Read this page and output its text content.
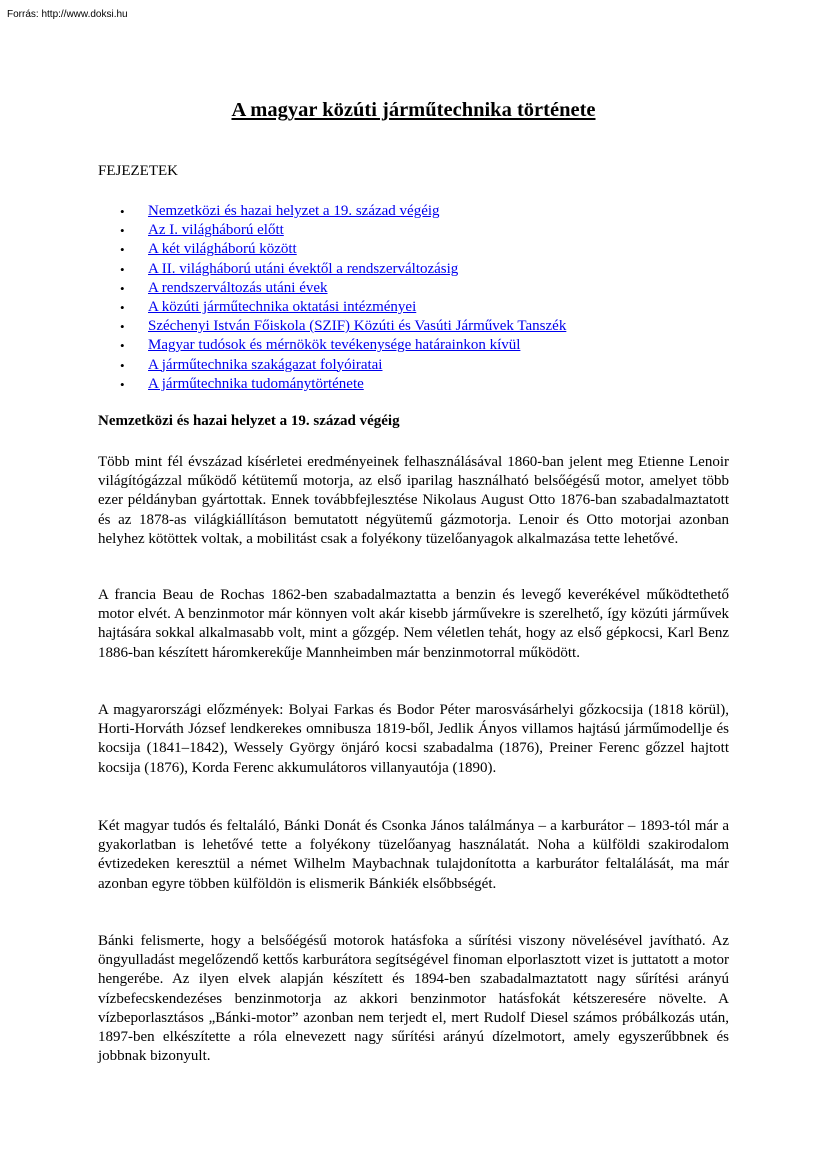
Forrás: http://www.doksi.hu
A magyar közúti járműtechnika története
FEJEZETEK
• Nemzetközi és hazai helyzet a 19. század végéig
• Az I. világháború előtt
• A két világháború között
• A II. világháború utáni évektől a rendszerváltozásig
• A rendszerváltozás utáni évek
• A közúti járműtechnika oktatási intézményei
• Széchenyi István Főiskola (SZIF) Közúti és Vasúti Járművek Tanszék
• Magyar tudósok és mérnökök tevékenysége határainkon kívül
• A járműtechnika szakágazat folyóiratai
• A járműtechnika tudománytörténete
Nemzetközi és hazai helyzet a 19. század végéig

Több mint fél évszázad kísérletei eredményeinek felhasználásával 1860-ban jelent meg Etienne Lenoir világítógázzal működő kétütemű motorja, az első iparilag használható belsőégésű motor, amelyet több ezer példányban gyártottak. Ennek továbbfejlesztése Nikolaus August Otto 1876-ban szabadalmaztatott és az 1878-as világkiállításon bemutatott négyütemű gázmotorja. Lenoir és Otto motorjai azonban helyhez kötöttek voltak, a mobilitást csak a folyékony tüzelőanyagok alkalmazása tette lehetővé.

A francia Beau de Rochas 1862-ben szabadalmaztatta a benzin és levegő keverékével működtethető motor elvét. A benzinmotor már könnyen volt akár kisebb járművekre is szerelhető, így közúti járművek hajtására sokkal alkalmasabb volt, mint a gőzgép. Nem véletlen tehát, hogy az első gépkocsi, Karl Benz 1886-ban készített háromkerekűje Mannheimben már benzinmotorral működött.

A magyarországi előzmények: Bolyai Farkas és Bodor Péter marosvásárhelyi gőzkocsija (1818 körül), Horti-Horváth József lendkerekes omnibusza 1819-ből, Jedlik Ányos villamos hajtású járműmodellje és kocsija (1841–1842), Wessely György önjáró kocsi szabadalma (1876), Preiner Ferenc gőzzel hajtott kocsija (1876), Korda Ferenc akkumulátoros villanyautója (1890).

Két magyar tudós és feltaláló, Bánki Donát és Csonka János találmánya – a karburátor – 1893-tól már a gyakorlatban is lehetővé tette a folyékony tüzelőanyag használatát. Noha a külföldi szakirodalom évtizedeken keresztül a német Wilhelm Maybachnak tulajdonította a karburátor feltalálását, ma már azonban egyre többen külföldön is elismerik Bánkiék elsőbbségét.

Bánki felismerte, hogy a belsőégésű motorok hatásfoka a sűrítési viszony növelésével javítható. Az öngyulladást megelőzendő kettős karburátora segítségével finoman elporlasztott vizet is juttatott a motor hengerébe. Az ilyen elvek alapján készített és 1894-ben szabadalmaztatott nagy sűrítési arányú vízbefecskendezéses benzinmotorja az akkori benzinmotor hatásfokát kétszeresére növelte. A vízbeporlasztásos „Bánki-motor” azonban nem terjedt el, mert Rudolf Diesel számos próbálkozás után, 1897-ben elkészítette a róla elnevezett nagy sűrítési arányú dízelmotort, amely egyszerűbbnek és jobbnak bizonyult.
